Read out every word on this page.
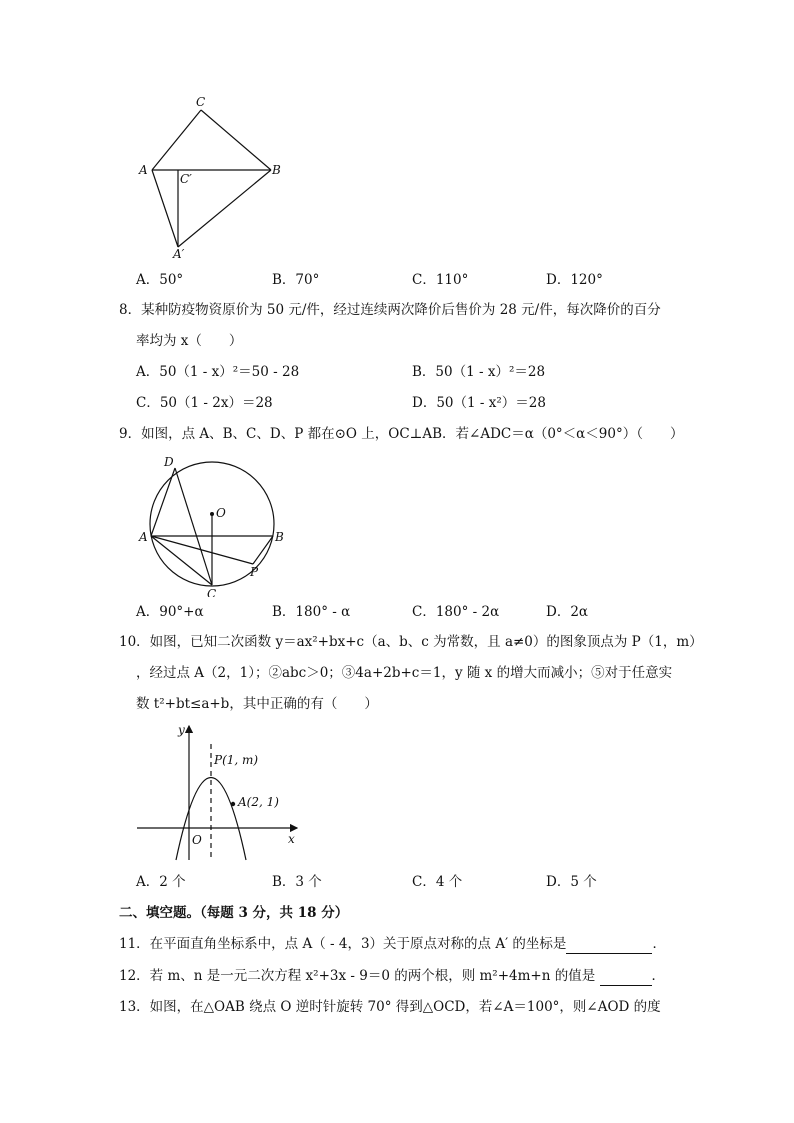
C
A	B
C′
A′
A．50°	B．70°	C．110°	D．120°
8．某种防疫物资原价为 50 元/件，经过连续两次降价后售价为 28 元/件，每次降价的百分
率均为 x（　　）
A．50（1 - x）²＝50 - 28	B．50（1 - x）²＝28
C．50（1 - 2x）＝28	D．50（1 - x²）＝28
9．如图，点 A、B、C、D、P 都在⊙O 上，OC⊥AB．若∠ADC＝α（0°＜α＜90°）（　　）
D
O
A	B
C
P
A．90°+α	B．180° - α	C．180° - 2α	D．2α
10．如图，已知二次函数 y＝ax²+bx+c（a、b、c 为常数，且 a≠0）的图象顶点为 P（1，m）
，经过点 A（2，1）；②abc＞0；③4a+2b+c＝1，y 随 x 的增大而减小；⑤对于任意实
数 t²+bt≤a+b，其中正确的有（　　）
y
x
O
P(1, m)
A(2, 1)
A．2 个	B．3 个	C．4 个	D．5 个
二、填空题。（每题 3 分，共 18 分）
11．在平面直角坐标系中，点 A（ - 4，3）关于原点对称的点 A′ 的坐标是	．
12．若 m、n 是一元二次方程 x²+3x - 9＝0 的两个根，则 m²+4m+n 的值是	．
13．如图，在△OAB 绕点 O 逆时针旋转 70° 得到△OCD，若∠A＝100°，则∠AOD 的度
